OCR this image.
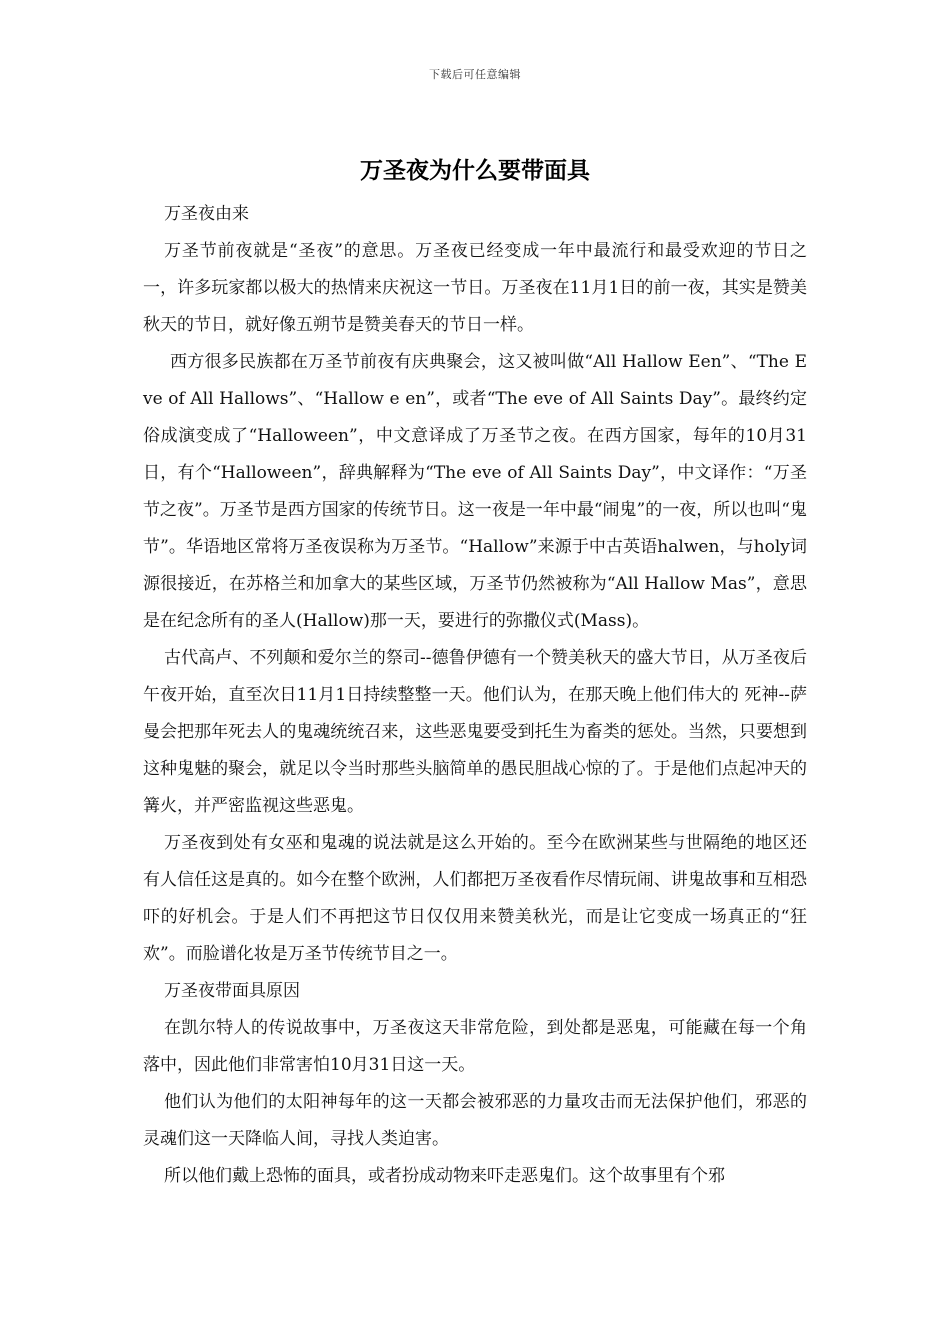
下载后可任意编辑
万圣夜为什么要带面具

万圣夜由来

万圣节前夜就是“圣夜”的意思。万圣夜已经变成一年中最流行和最受欢迎的节日之一，许多玩家都以极大的热情来庆祝这一节日。万圣夜在11月1日的前一夜，其实是赞美秋天的节日，就好像五朔节是赞美春天的节日一样。

西方很多民族都在万圣节前夜有庆典聚会，这又被叫做“All Hallow Een”、“The Eve of All Hallows”、“Hallow e en”，或者“The eve of All Saints Day”。最终约定俗成演变成了“Halloween”，中文意译成了万圣节之夜。在西方国家，每年的10月31日，有个“Halloween”，辞典解释为“The eve of All Saints Day”，中文译作：“万圣节之夜”。万圣节是西方国家的传统节日。这一夜是一年中最“闹鬼”的一夜，所以也叫“鬼节”。华语地区常将万圣夜误称为万圣节。“Hallow”来源于中古英语halwen，与holy词源很接近，在苏格兰和加拿大的某些区域，万圣节仍然被称为“All Hallow Mas”，意思是在纪念所有的圣人(Hallow)那一天，要进行的弥撒仪式(Mass)。

古代高卢、不列颠和爱尔兰的祭司--德鲁伊德有一个赞美秋天的盛大节日，从万圣夜后午夜开始，直至次日11月1日持续整整一天。他们认为，在那天晚上他们伟大的 死神--萨曼会把那年死去人的鬼魂统统召来，这些恶鬼要受到托生为畜类的惩处。当然，只要想到这种鬼魅的聚会，就足以令当时那些头脑简单的愚民胆战心惊的了。于是他们点起冲天的篝火，并严密监视这些恶鬼。

万圣夜到处有女巫和鬼魂的说法就是这么开始的。至今在欧洲某些与世隔绝的地区还有人信任这是真的。如今在整个欧洲，人们都把万圣夜看作尽情玩闹、讲鬼故事和互相恐吓的好机会。于是人们不再把这节日仅仅用来赞美秋光，而是让它变成一场真正的“狂欢”。而脸谱化妆是万圣节传统节目之一。

万圣夜带面具原因

在凯尔特人的传说故事中，万圣夜这天非常危险，到处都是恶鬼，可能藏在每一个角落中，因此他们非常害怕10月31日这一天。

他们认为他们的太阳神每年的这一天都会被邪恶的力量攻击而无法保护他们，邪恶的灵魂们这一天降临人间，寻找人类迫害。

所以他们戴上恐怖的面具，或者扮成动物来吓走恶鬼们。这个故事里有个邪
